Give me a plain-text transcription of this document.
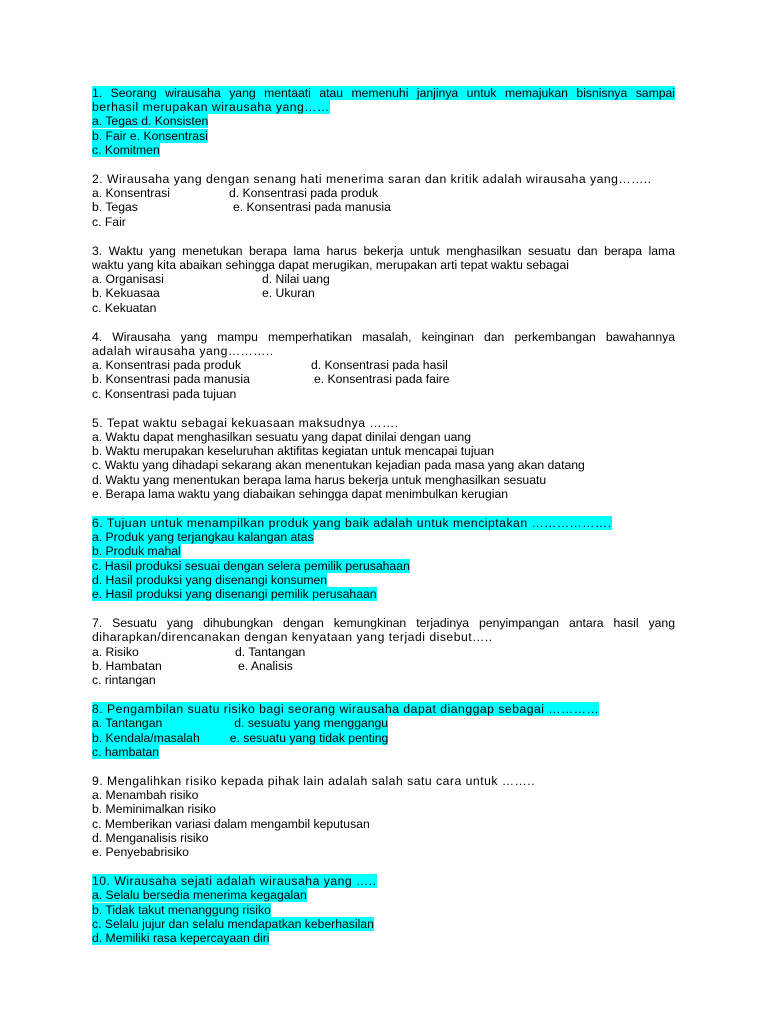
1. Seorang wirausaha yang mentaati atau memenuhi janjinya untuk memajukan bisnisnya sampai
berhasil merupakan wirausaha yang……
a. Tegas d. Konsisten
b. Fair e. Konsentrasi
c. Komitmen
2. Wirausaha yang dengan senang hati menerima saran dan kritik adalah wirausaha yang……..
a. Konsentrasi	d. Konsentrasi pada produk
b. Tegas	e. Konsentrasi pada manusia
c. Fair
3. Waktu yang menetukan berapa lama harus bekerja untuk menghasilkan sesuatu dan berapa lama
waktu yang kita abaikan sehingga dapat merugikan, merupakan arti tepat waktu sebagai
a. Organisasi	d. Nilai uang
b. Kekuasaa	e. Ukuran
c. Kekuatan
4. Wirausaha yang mampu memperhatikan masalah, keinginan dan perkembangan bawahannya
adalah wirausaha yang………..
a. Konsentrasi pada produk	d. Konsentrasi pada hasil
b. Konsentrasi pada manusia	e. Konsentrasi pada faire
c. Konsentrasi pada tujuan
5. Tepat waktu sebagai kekuasaan maksudnya …….
a. Waktu dapat menghasilkan sesuatu yang dapat dinilai dengan uang
b. Waktu merupakan keseluruhan aktifitas kegiatan untuk mencapai tujuan
c. Waktu yang dihadapi sekarang akan menentukan kejadian pada masa yang akan datang
d. Waktu yang menentukan berapa lama harus bekerja untuk menghasilkan sesuatu
e. Berapa lama waktu yang diabaikan sehingga dapat menimbulkan kerugian
6. Tujuan untuk menampilkan produk yang baik adalah untuk menciptakan ……………….
a. Produk yang terjangkau kalangan atas
b. Produk mahal
c. Hasil produksi sesuai dengan selera pemilik perusahaan
d. Hasil produksi yang disenangi konsumen
e. Hasil produksi yang disenangi pemilik perusahaan
7. Sesuatu yang dihubungkan dengan kemungkinan terjadinya penyimpangan antara hasil yang
diharapkan/direncanakan dengan kenyataan yang terjadi disebut…..
a. Risiko	d. Tantangan
b. Hambatan	e. Analisis
c. rintangan
8. Pengambilan suatu risiko bagi seorang wirausaha dapat dianggap sebagai …………
a. Tantangan	d. sesuatu yang menggangu
b. Kendala/masalah e. sesuatu yang tidak penting
c. hambatan
9. Mengalihkan risiko kepada pihak lain adalah salah satu cara untuk ……..
a. Menambah risiko
b. Meminimalkan risiko
c. Memberikan variasi dalam mengambil keputusan
d. Menganalisis risiko
e. Penyebabrisiko
10. Wirausaha sejati adalah wirausaha yang …..
a. Selalu bersedia menerima kegagalan
b. Tidak takut menanggung risiko
c. Selalu jujur dan selalu mendapatkan keberhasilan
d. Memiliki rasa kepercayaan diri
